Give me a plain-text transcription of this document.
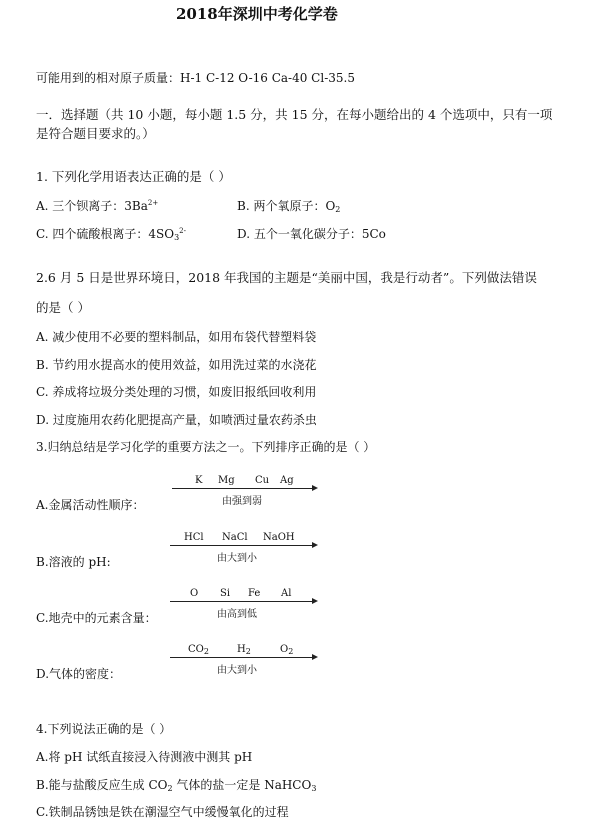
2018年深圳中考化学卷
可能用到的相对原子质量：H-1 C-12 O-16 Ca-40 Cl-35.5
一．选择题（共 10 小题，每小题 1.5 分，共 15 分，在每小题给出的 4 个选项中，只有一项
是符合题目要求的。）
1. 下列化学用语表达正确的是（ ）
A. 三个钡离子：$3Ba^{2+}$	B. 两个氧原子：$O_2$
C. 四个硫酸根离子：$4SO_3^{2-}$	D. 五个一氧化碳分子：5Co
2.6 月 5 日是世界环境日，2018 年我国的主题是“美丽中国，我是行动者”。下列做法错误
的是（ ）
A. 减少使用不必要的塑料制品，如用布袋代替塑料袋
B. 节约用水提高水的使用效益，如用洗过菜的水浇花
C. 养成将垃圾分类处理的习惯，如废旧报纸回收利用
D. 过度施用农药化肥提高产量，如喷洒过量农药杀虫
3.归纳总结是学习化学的重要方法之一。下列排序正确的是（ ）
K Mg Cu Ag
由强到弱
A.金属活动性顺序：
HCl NaCl NaOH
由大到小
B.溶液的 pH:
O Si Fe Al
由高到低
C.地壳中的元素含量：
$CO_2$	$H_2$	$O_2$
由大到小
D.气体的密度：
4.下列说法正确的是（ ）
A.将 pH 试纸直接浸入待测液中测其 pH
B.能与盐酸反应生成 $CO_2$ 气体的盐一定是 NaHCO$_3$
C.铁制品锈蚀是铁在潮湿空气中缓慢氧化的过程
